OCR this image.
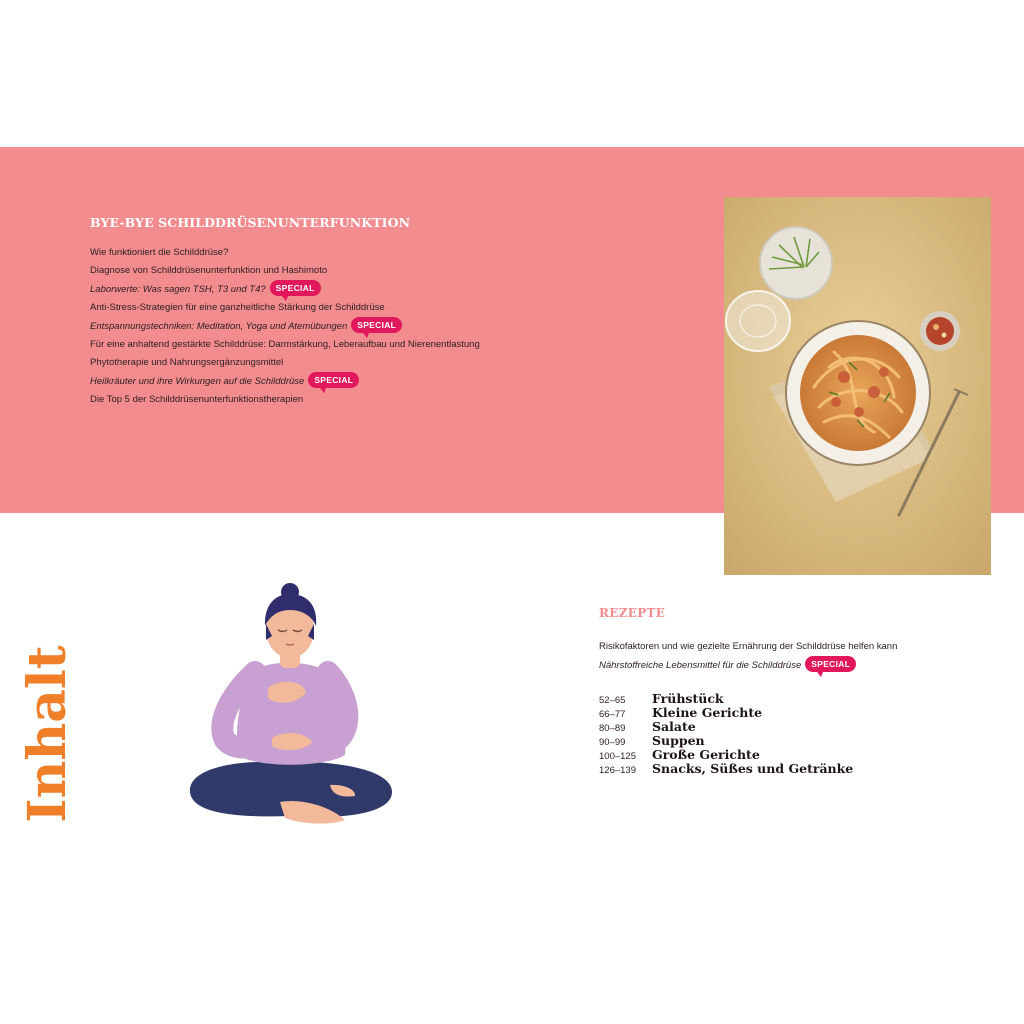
BYE-BYE SCHILDDRÜSENUNTERFUNKTION
Wie funktioniert die Schilddrüse?
Diagnose von Schilddrüsenunterfunktion und Hashimoto
Laborwerte: Was sagen TSH, T3 und T4? SPECIAL
Anti-Stress-Strategien für eine ganzheitliche Stärkung der Schilddrüse
Entspannungstechniken: Meditation, Yoga und Atemübungen SPECIAL
Für eine anhaltend gestärkte Schilddrüse: Darmstärkung, Leberaufbau und Nierenentlastung
Phytotherapie und Nahrungsergänzungsmittel
Heilkräuter und ihre Wirkungen auf die Schilddrüse SPECIAL
Die Top 5 der Schilddrüsenunterfunktionstherapien
Inhalt
REZEPTE
Risikofaktoren und wie gezielte Ernährung der Schilddrüse helfen kann
Nährstoffreiche Lebensmittel für die Schilddrüse SPECIAL
52–65	Frühstück
66–77	Kleine Gerichte
80–89	Salate
90–99	Suppen
100–125	Große Gerichte
126–139	Snacks, Süßes und Getränke
